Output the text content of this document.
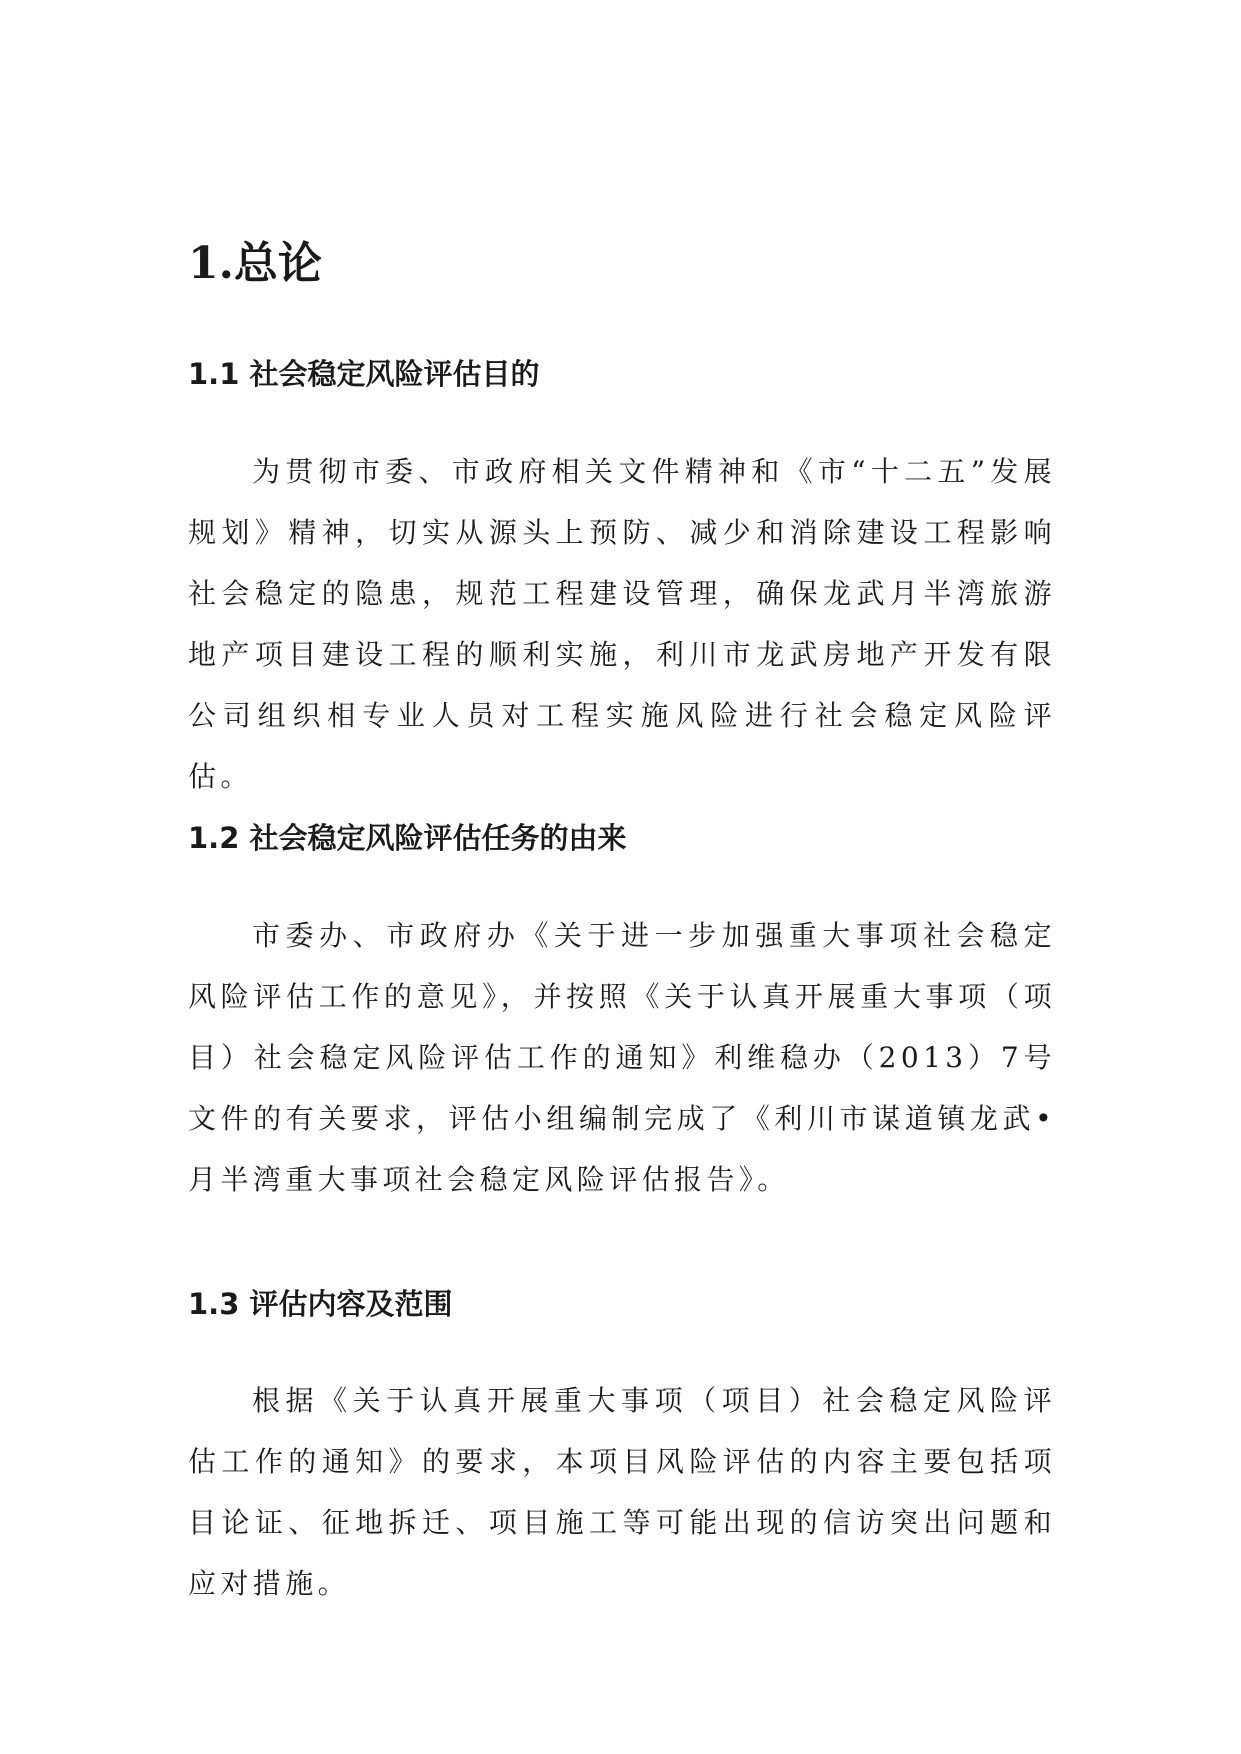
1.总论
1.1 社会稳定风险评估目的

为贯彻市委、市政府相关文件精神和《市“十二五”发展规划》精神，切实从源头上预防、减少和消除建设工程影响社会稳定的隐患，规范工程建设管理，确保龙武月半湾旅游地产项目建设工程的顺利实施，利川市龙武房地产开发有限公司组织相专业人员对工程实施风险进行社会稳定风险评估。

1.2 社会稳定风险评估任务的由来

市委办、市政府办《关于进一步加强重大事项社会稳定风险评估工作的意见》，并按照《关于认真开展重大事项（项目）社会稳定风险评估工作的通知》利维稳办（2013）7号文件的有关要求，评估小组编制完成了《利川市谋道镇龙武•月半湾重大事项社会稳定风险评估报告》。

1.3 评估内容及范围

根据《关于认真开展重大事项（项目）社会稳定风险评估工作的通知》的要求，本项目风险评估的内容主要包括项目论证、征地拆迁、项目施工等可能出现的信访突出问题和应对措施。
